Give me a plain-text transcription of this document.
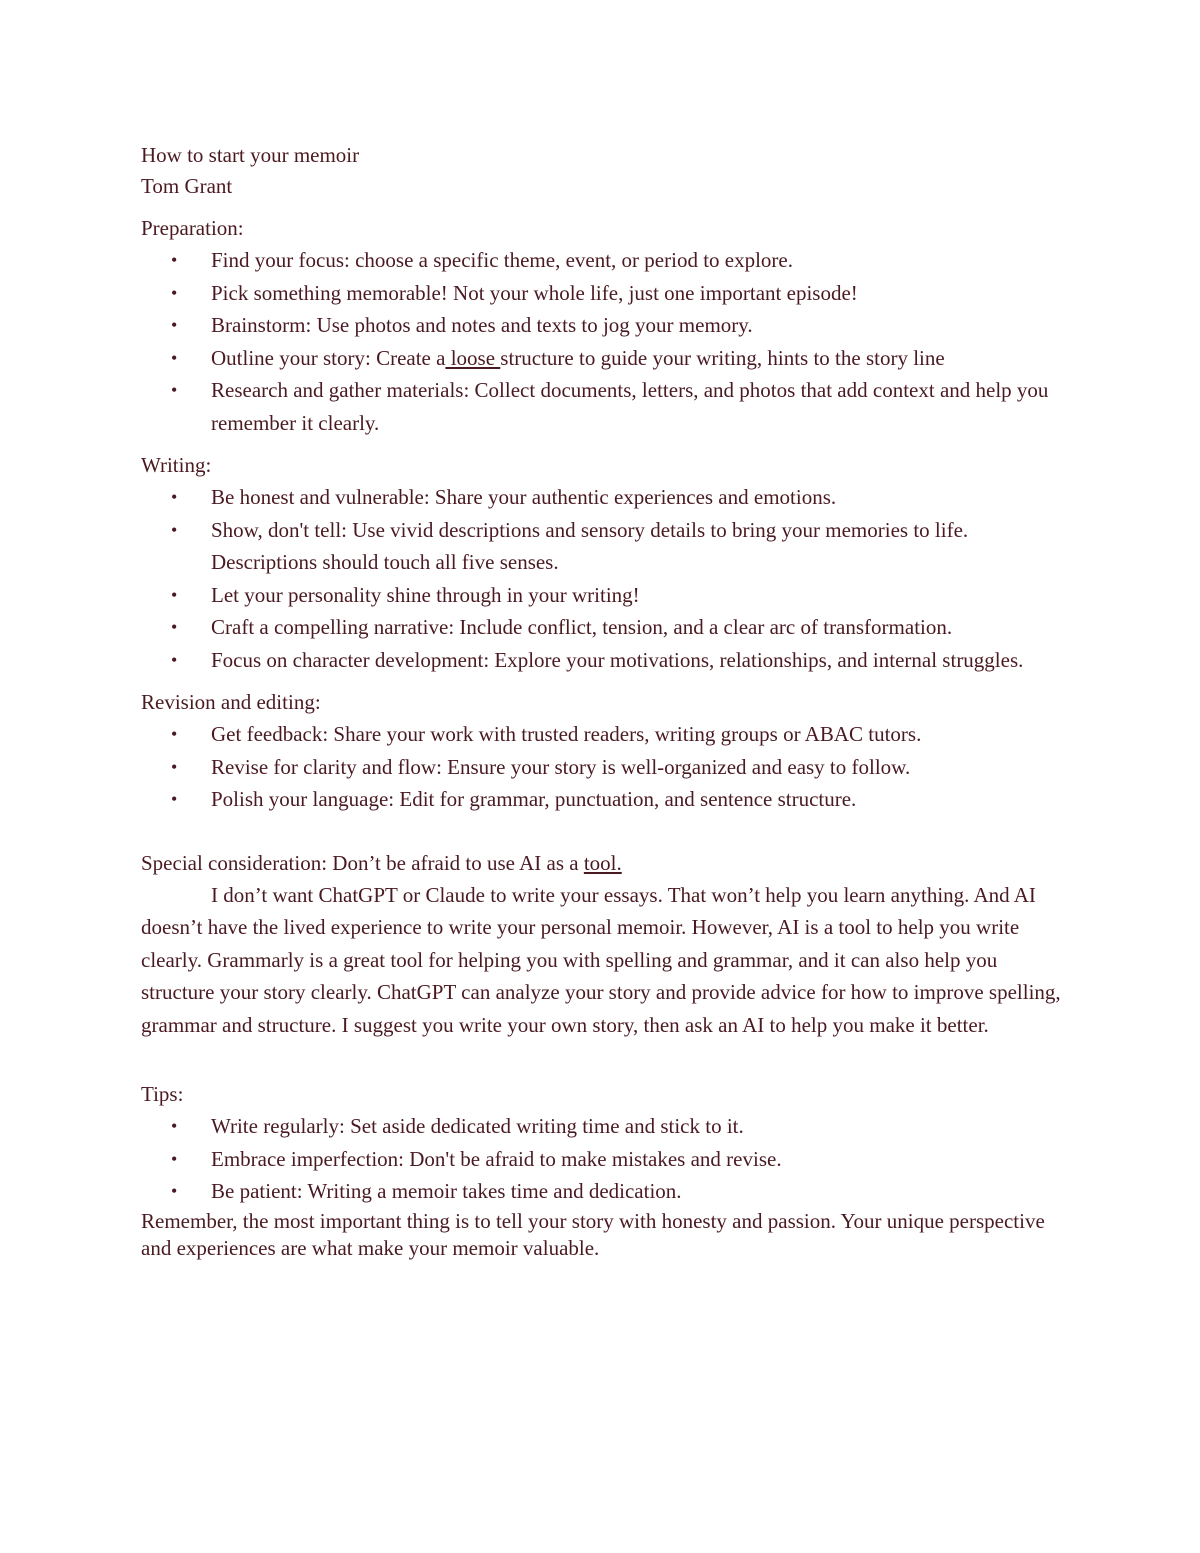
How to start your memoir
Tom Grant
Preparation:
• Find your focus: choose a specific theme, event, or period to explore.
• Pick something memorable! Not your whole life, just one important episode!
• Brainstorm: Use photos and notes and texts to jog your memory.
• Outline your story: Create a loose structure to guide your writing, hints to the story line
• Research and gather materials: Collect documents, letters, and photos that add context and help you remember it clearly.
Writing:
• Be honest and vulnerable: Share your authentic experiences and emotions.
• Show, don't tell: Use vivid descriptions and sensory details to bring your memories to life. Descriptions should touch all five senses.
• Let your personality shine through in your writing!
• Craft a compelling narrative: Include conflict, tension, and a clear arc of transformation.
• Focus on character development: Explore your motivations, relationships, and internal struggles.
Revision and editing:
• Get feedback: Share your work with trusted readers, writing groups or ABAC tutors.
• Revise for clarity and flow: Ensure your story is well-organized and easy to follow.
• Polish your language: Edit for grammar, punctuation, and sentence structure.
Special consideration: Don’t be afraid to use AI as a tool.
I don’t want ChatGPT or Claude to write your essays. That won’t help you learn anything. And AI doesn’t have the lived experience to write your personal memoir. However, AI is a tool to help you write clearly. Grammarly is a great tool for helping you with spelling and grammar, and it can also help you structure your story clearly. ChatGPT can analyze your story and provide advice for how to improve spelling, grammar and structure. I suggest you write your own story, then ask an AI to help you make it better.
Tips:
• Write regularly: Set aside dedicated writing time and stick to it.
• Embrace imperfection: Don't be afraid to make mistakes and revise.
• Be patient: Writing a memoir takes time and dedication.
Remember, the most important thing is to tell your story with honesty and passion. Your unique perspective and experiences are what make your memoir valuable.
